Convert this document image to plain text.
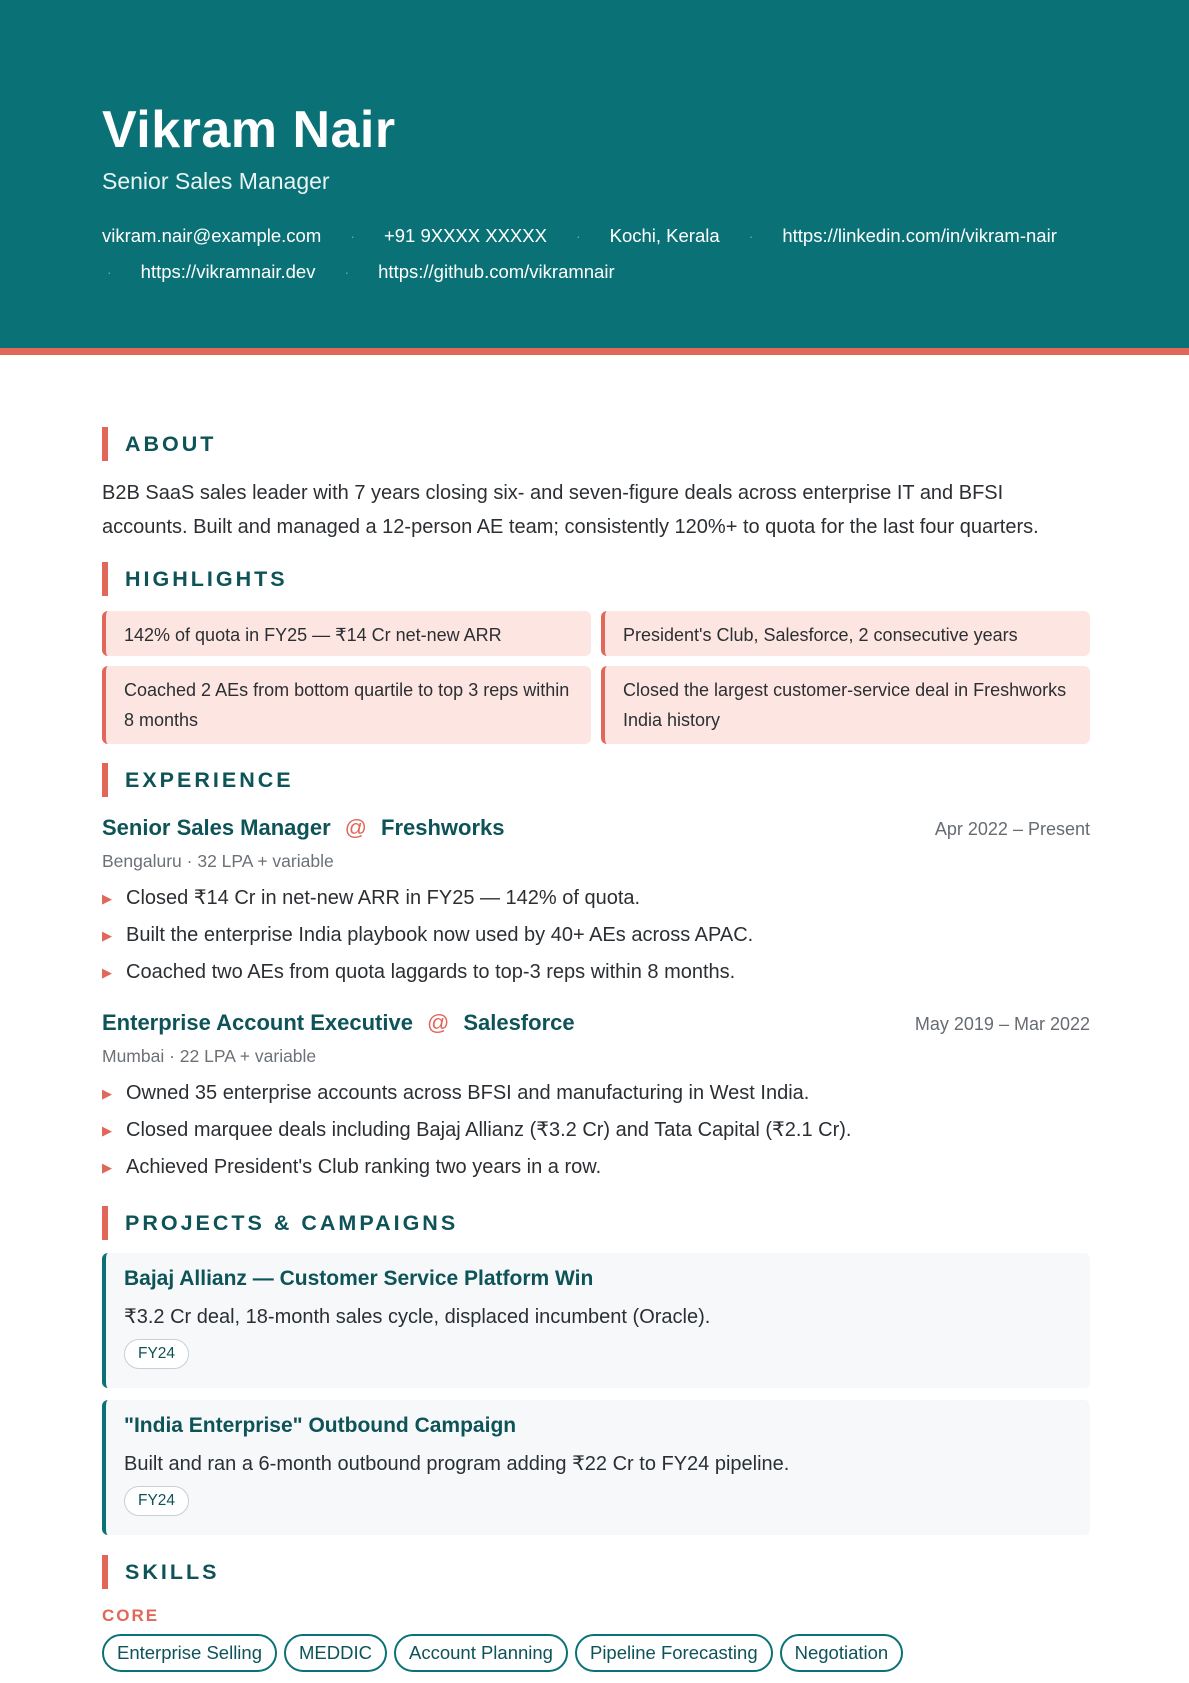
Vikram Nair
Senior Sales Manager
vikram.nair@example.com · +91 9XXXX XXXXX · Kochi, Kerala · https://linkedin.com/in/vikram-nair
· https://vikramnair.dev · https://github.com/vikramnair
ABOUT
B2B SaaS sales leader with 7 years closing six- and seven-figure deals across enterprise IT and BFSI accounts. Built and managed a 12-person AE team; consistently 120%+ to quota for the last four quarters.
HIGHLIGHTS
142% of quota in FY25 — ₹14 Cr net-new ARR	President's Club, Salesforce, 2 consecutive years
Coached 2 AEs from bottom quartile to top 3 reps within 8 months
Closed the largest customer-service deal in Freshworks India history
EXPERIENCE
Senior Sales Manager @ Freshworks	Apr 2022 – Present
Bengaluru · 32 LPA + variable
▶ Closed ₹14 Cr in net-new ARR in FY25 — 142% of quota.
▶ Built the enterprise India playbook now used by 40+ AEs across APAC.
▶ Coached two AEs from quota laggards to top-3 reps within 8 months.
Enterprise Account Executive @ Salesforce	May 2019 – Mar 2022
Mumbai · 22 LPA + variable
▶ Owned 35 enterprise accounts across BFSI and manufacturing in West India.
▶ Closed marquee deals including Bajaj Allianz (₹3.2 Cr) and Tata Capital (₹2.1 Cr).
▶ Achieved President's Club ranking two years in a row.
PROJECTS & CAMPAIGNS
Bajaj Allianz — Customer Service Platform Win
₹3.2 Cr deal, 18-month sales cycle, displaced incumbent (Oracle).
FY24
"India Enterprise" Outbound Campaign
Built and ran a 6-month outbound program adding ₹22 Cr to FY24 pipeline.
FY24
SKILLS
CORE
Enterprise Selling	MEDDIC	Account Planning	Pipeline Forecasting	Negotiation
